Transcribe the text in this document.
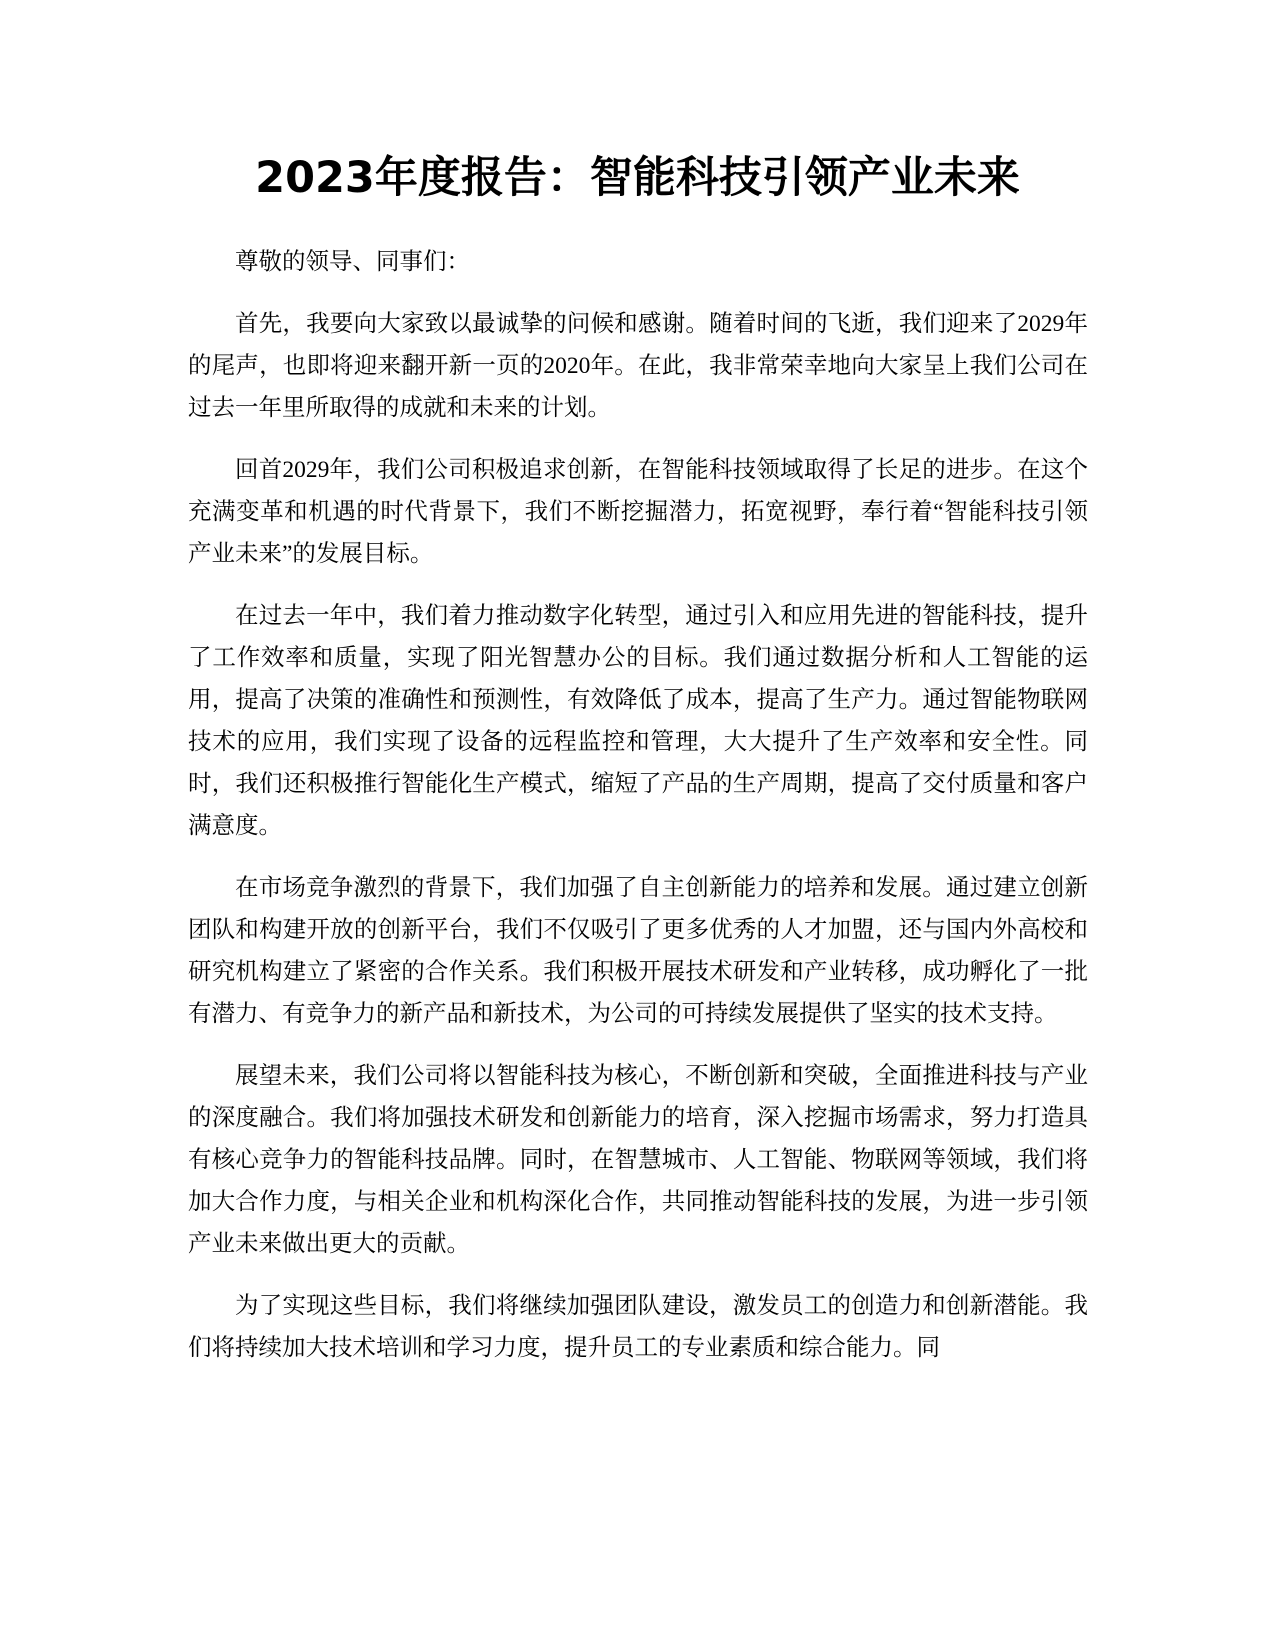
2023年度报告：智能科技引领产业未来

尊敬的领导、同事们：

首先，我要向大家致以最诚挚的问候和感谢。随着时间的飞逝，我们迎来了2029年的尾声，也即将迎来翻开新一页的2020年。在此，我非常荣幸地向大家呈上我们公司在过去一年里所取得的成就和未来的计划。

回首2029年，我们公司积极追求创新，在智能科技领域取得了长足的进步。在这个充满变革和机遇的时代背景下，我们不断挖掘潜力，拓宽视野，奉行着“智能科技引领产业未来”的发展目标。

在过去一年中，我们着力推动数字化转型，通过引入和应用先进的智能科技，提升了工作效率和质量，实现了阳光智慧办公的目标。我们通过数据分析和人工智能的运用，提高了决策的准确性和预测性，有效降低了成本，提高了生产力。通过智能物联网技术的应用，我们实现了设备的远程监控和管理，大大提升了生产效率和安全性。同时，我们还积极推行智能化生产模式，缩短了产品的生产周期，提高了交付质量和客户满意度。

在市场竞争激烈的背景下，我们加强了自主创新能力的培养和发展。通过建立创新团队和构建开放的创新平台，我们不仅吸引了更多优秀的人才加盟，还与国内外高校和研究机构建立了紧密的合作关系。我们积极开展技术研发和产业转移，成功孵化了一批有潜力、有竞争力的新产品和新技术，为公司的可持续发展提供了坚实的技术支持。

展望未来，我们公司将以智能科技为核心，不断创新和突破，全面推进科技与产业的深度融合。我们将加强技术研发和创新能力的培育，深入挖掘市场需求，努力打造具有核心竞争力的智能科技品牌。同时，在智慧城市、人工智能、物联网等领域，我们将加大合作力度，与相关企业和机构深化合作，共同推动智能科技的发展，为进一步引领产业未来做出更大的贡献。

为了实现这些目标，我们将继续加强团队建设，激发员工的创造力和创新潜能。我们将持续加大技术培训和学习力度，提升员工的专业素质和综合能力。同
